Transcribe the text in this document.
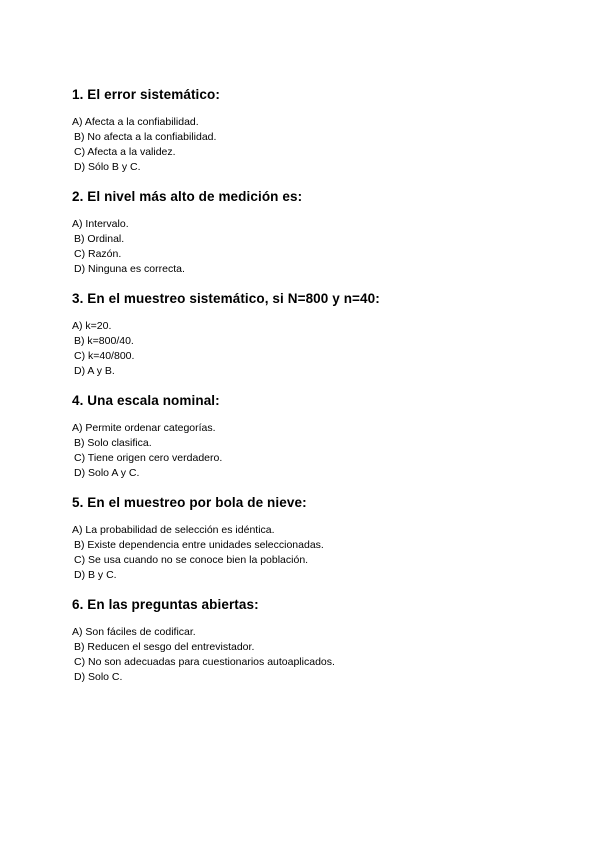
1. El error sistemático:

A) Afecta a la confiabilidad.

B) No afecta a la confiabilidad.

C) Afecta a la validez.

D) Sólo B y C.

2. El nivel más alto de medición es:

A) Intervalo.

B) Ordinal.

C) Razón.

D) Ninguna es correcta.

3. En el muestreo sistemático, si N=800 y n=40:

A) k=20.

B) k=800/40.

C) k=40/800.

D) A y B.

4. Una escala nominal:

A) Permite ordenar categorías.

B) Solo clasifica.

C) Tiene origen cero verdadero.

D) Solo A y C.

5. En el muestreo por bola de nieve:

A) La probabilidad de selección es idéntica.

B) Existe dependencia entre unidades seleccionadas.

C) Se usa cuando no se conoce bien la población.

D) B y C.

6. En las preguntas abiertas:

A) Son fáciles de codificar.

B) Reducen el sesgo del entrevistador.

C) No son adecuadas para cuestionarios autoaplicados.

D) Solo C.
